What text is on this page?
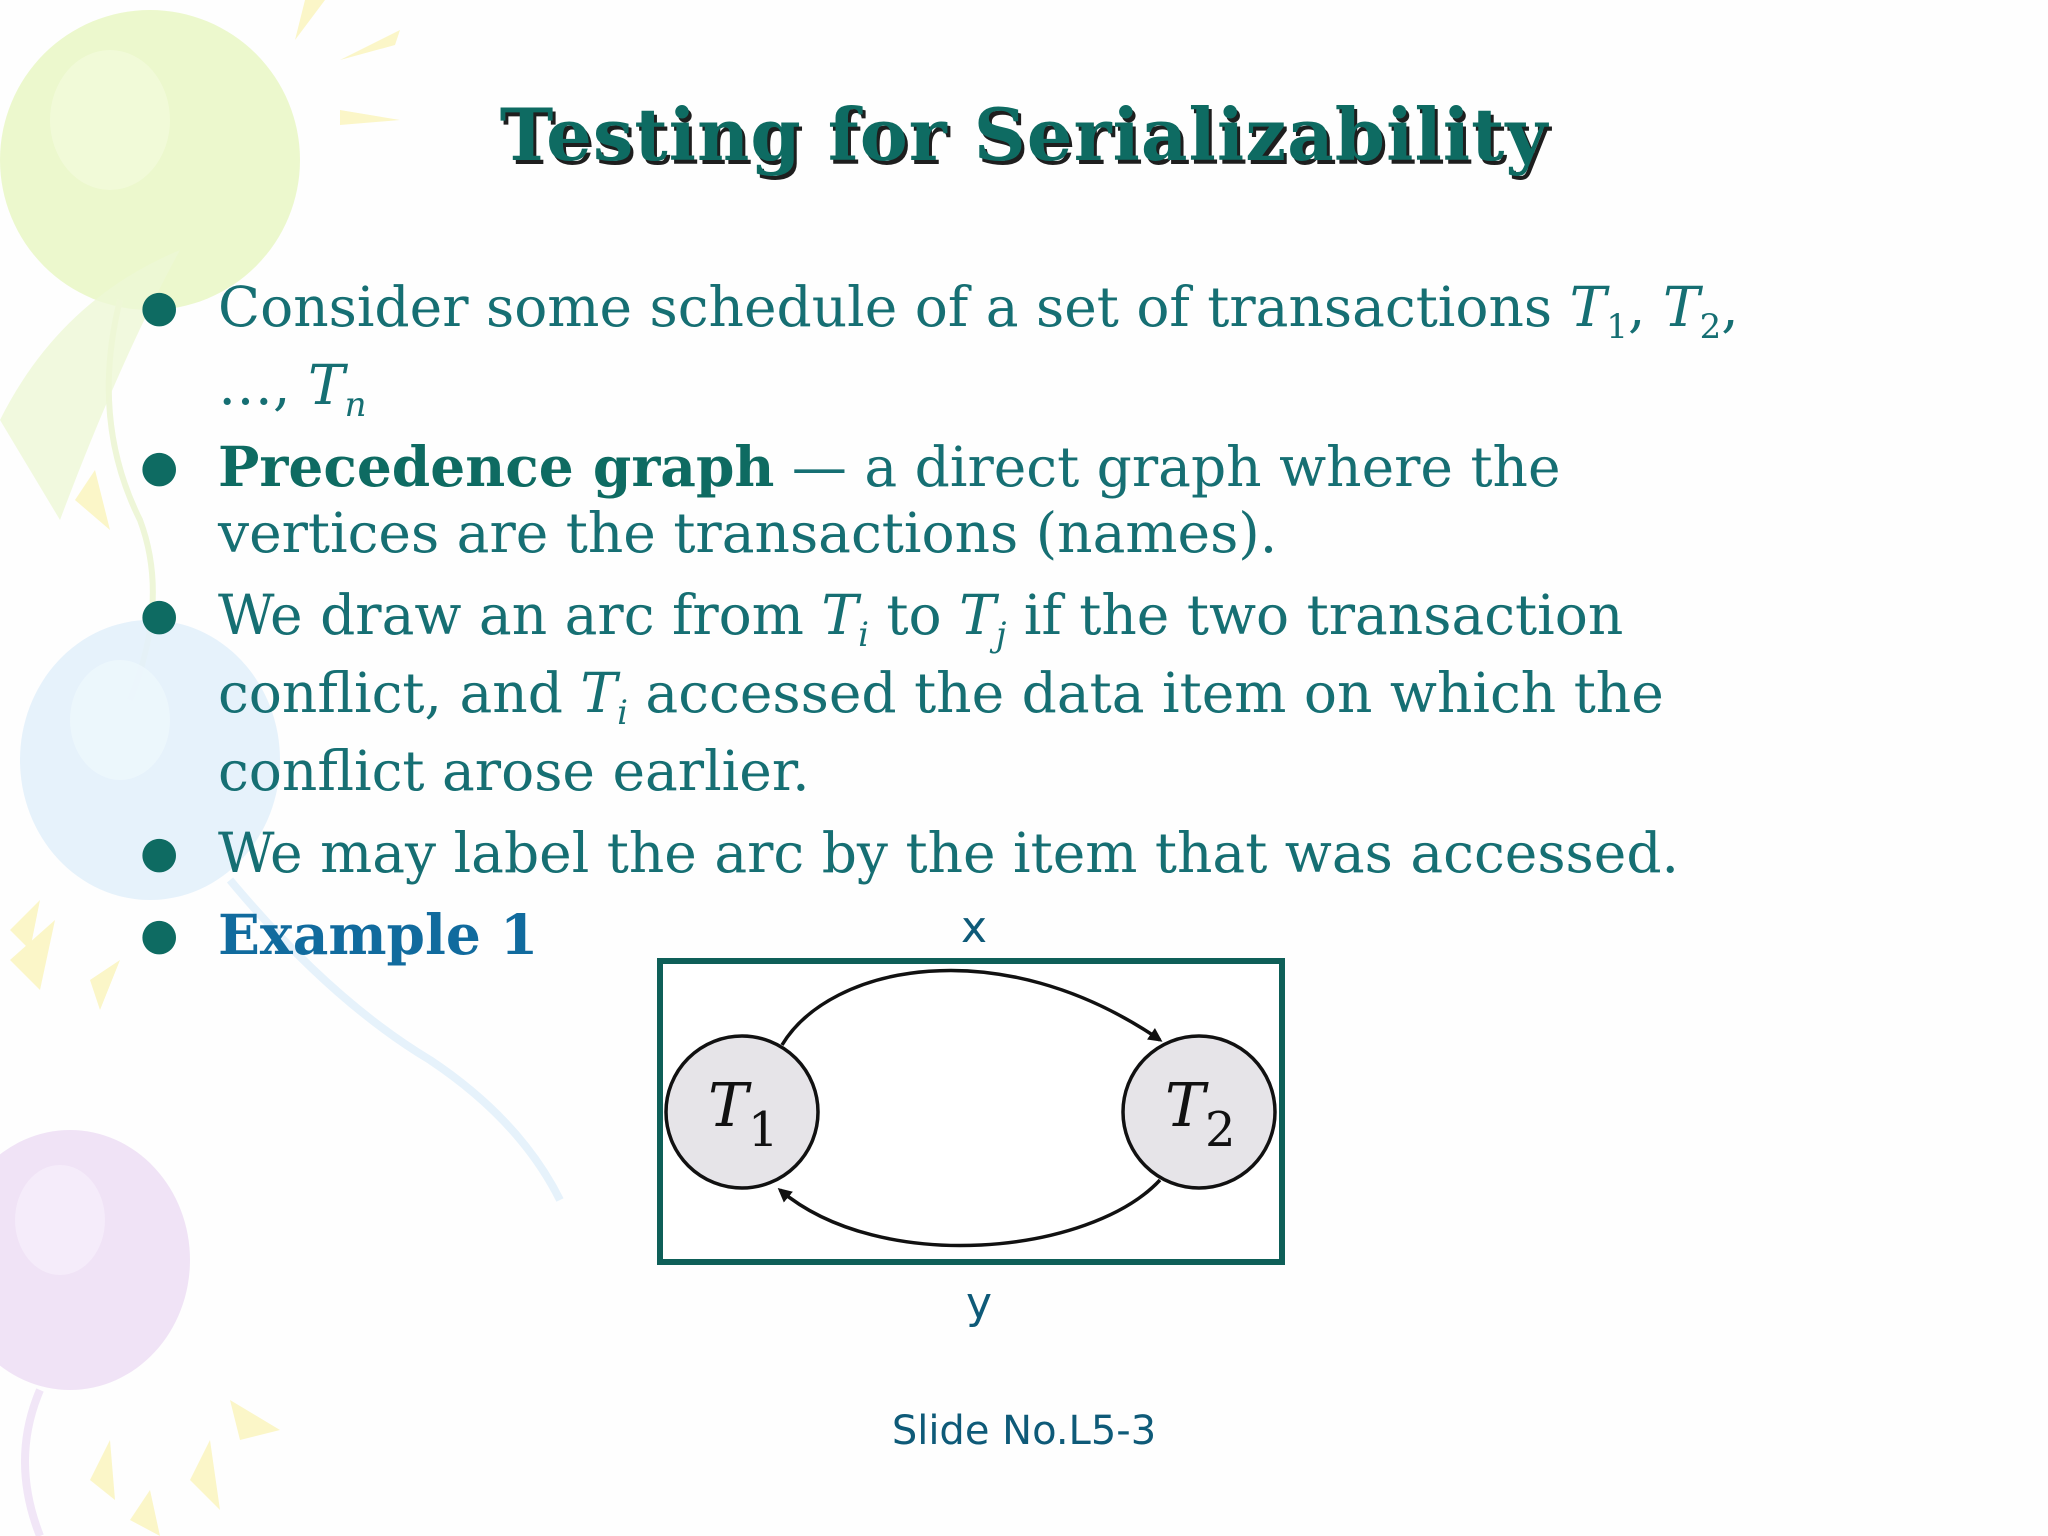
Testing for Serializability
● Consider some schedule of a set of transactions $T_1$, $T_2$,
…, $T_n$
● Precedence graph — a direct graph where the
vertices are the transactions (names).
● We draw an arc from $T_i$ to $T_j$ if the two transaction
conflict, and $T_i$ accessed the data item on which the
conflict arose earlier.
● We may label the arc by the item that was accessed.
● Example 1
$T_1$	$T_2$
x
y
Slide No.L5-3
